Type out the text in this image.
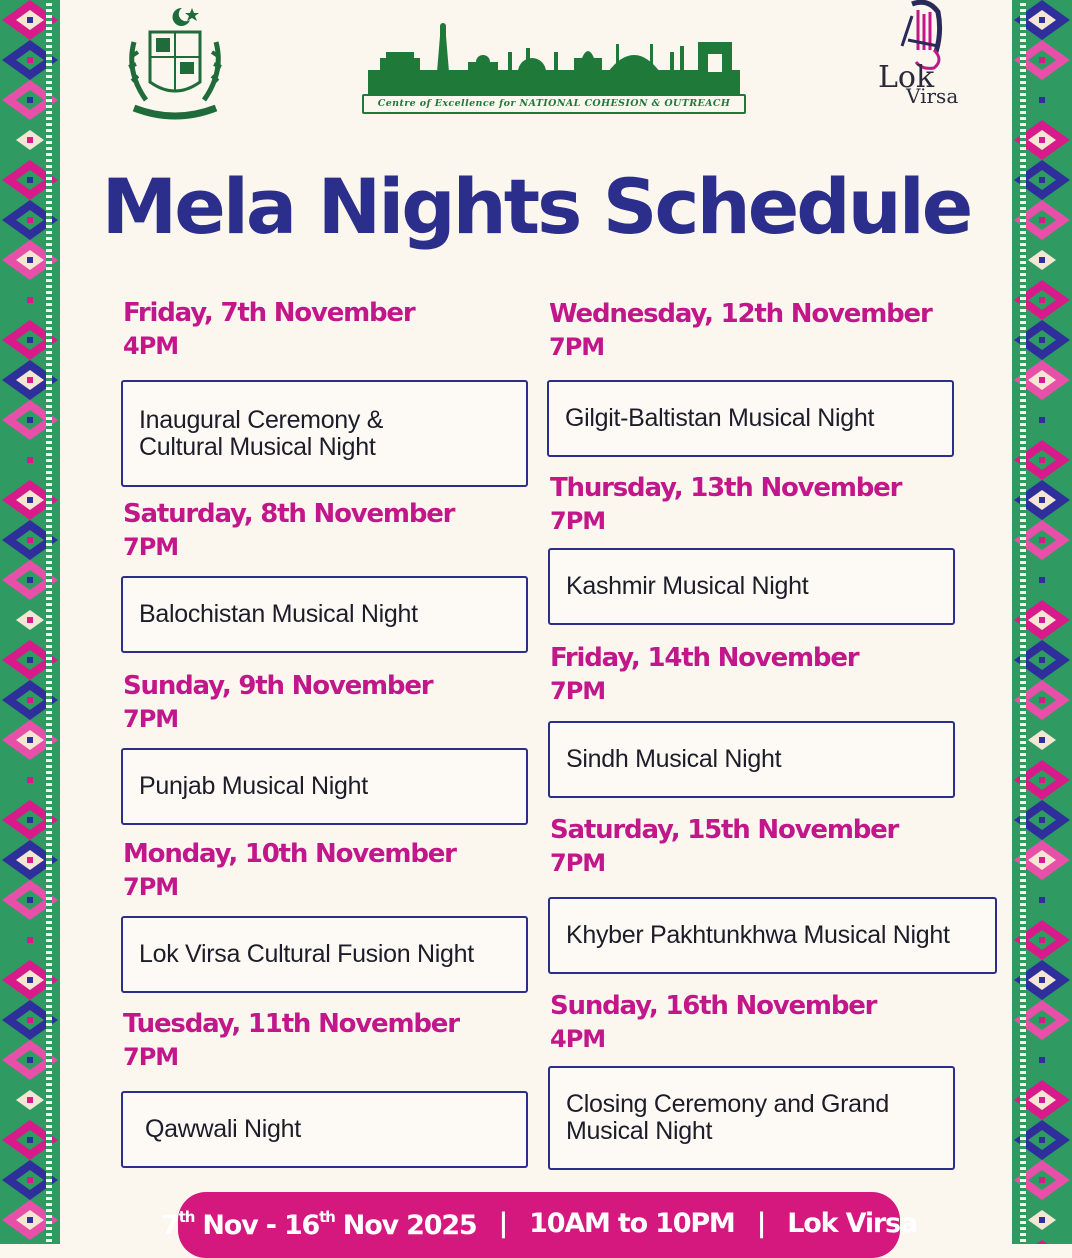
Centre of Excellence for NATIONAL COHESION & OUTREACH
Lok
Virsa
Mela Nights Schedule
Friday, 7th November
4PM
Inaugural Ceremony &
Cultural Musical Night
Saturday, 8th November
7PM
Balochistan Musical Night
Sunday, 9th November
7PM
Punjab Musical Night
Monday, 10th November
7PM
Lok Virsa Cultural Fusion Night
Tuesday, 11th November
7PM
Qawwali Night
Wednesday, 12th November
7PM
Gilgit-Baltistan Musical Night
Thursday, 13th November
7PM
Kashmir Musical Night
Friday, 14th November
7PM
Sindh Musical Night
Saturday, 15th November
7PM
Khyber Pakhtunkhwa Musical Night
Sunday, 16th November
4PM
Closing Ceremony and Grand
Musical Night
7th Nov - 16th Nov 2025 | 10AM to 10PM | Lok Virsa
